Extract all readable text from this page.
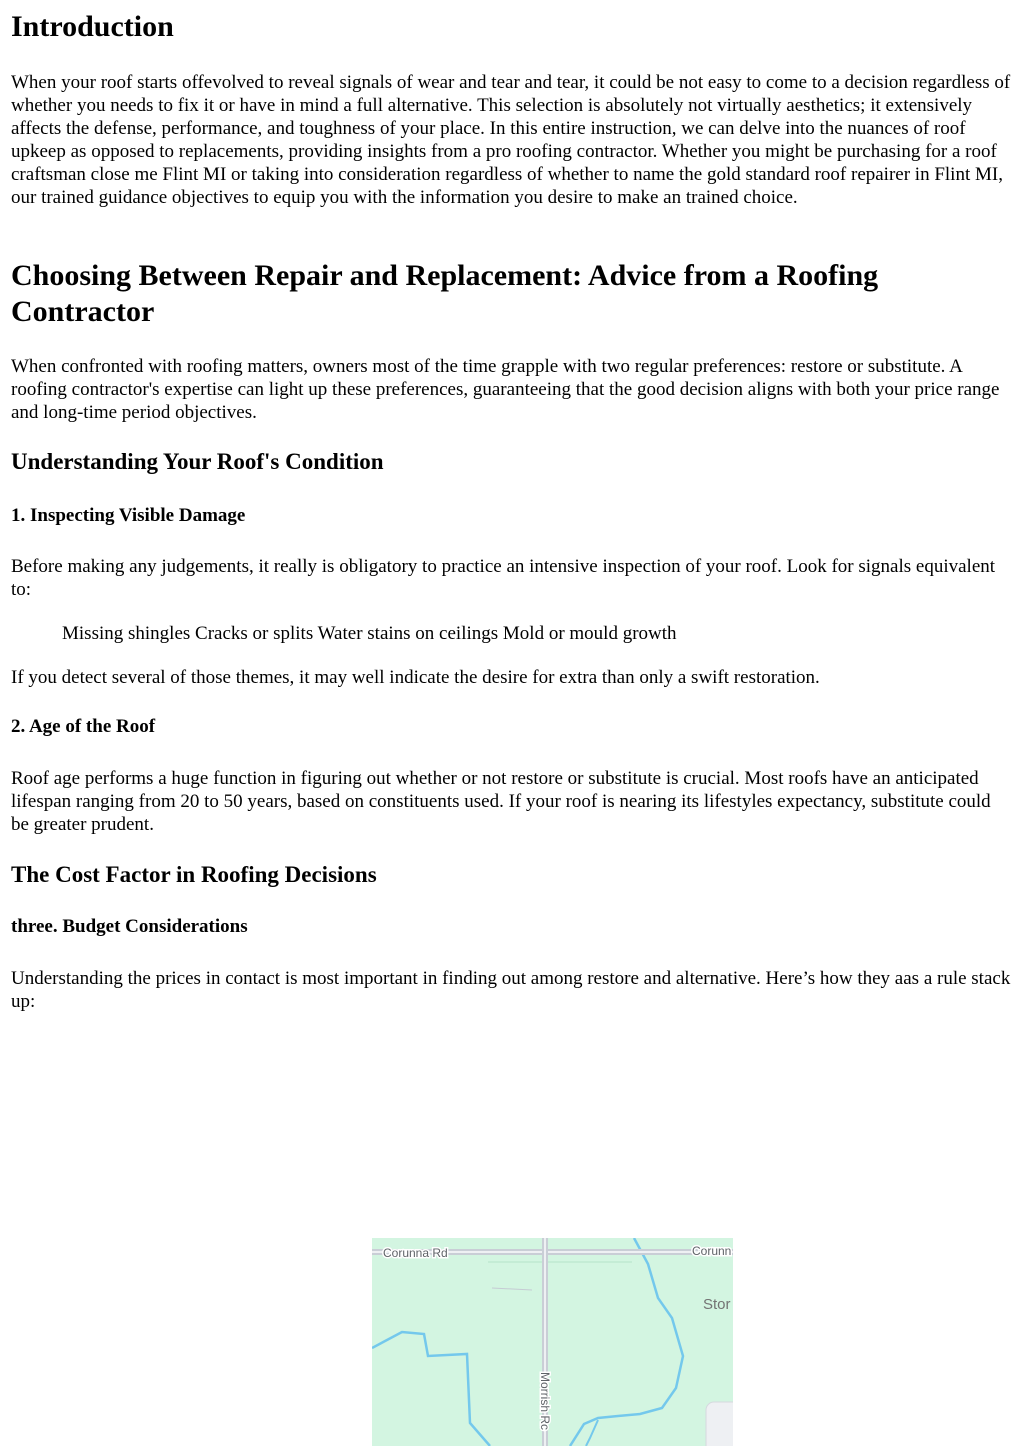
Introduction

When your roof starts offevolved to reveal signals of wear and tear and tear, it could be not easy to come to a decision regardless of whether you needs to fix it or have in mind a full alternative. This selection is absolutely not virtually aesthetics; it extensively affects the defense, performance, and toughness of your place. In this entire instruction, we can delve into the nuances of roof upkeep as opposed to replacements, providing insights from a pro roofing contractor. Whether you might be purchasing for a roof craftsman close me Flint MI or taking into consideration regardless of whether to name the gold standard roof repairer in Flint MI, our trained guidance objectives to equip you with the information you desire to make an trained choice.

Choosing Between Repair and Replacement: Advice from a Roofing Contractor

When confronted with roofing matters, owners most of the time grapple with two regular preferences: restore or substitute. A roofing contractor's expertise can light up these preferences, guaranteeing that the good decision aligns with both your price range and long-time period objectives.

Understanding Your Roof's Condition
1. Inspecting Visible Damage

Before making any judgements, it really is obligatory to practice an intensive inspection of your roof. Look for signals equivalent to:

Missing shingles Cracks or splits Water stains on ceilings Mold or mould growth

If you detect several of those themes, it may well indicate the desire for extra than only a swift restoration.

2. Age of the Roof

Roof age performs a huge function in figuring out whether or not restore or substitute is crucial. Most roofs have an anticipated lifespan ranging from 20 to 50 years, based on constituents used. If your roof is nearing its lifestyles expectancy, substitute could be greater prudent.

The Cost Factor in Roofing Decisions
three. Budget Considerations

Understanding the prices in contact is most important in finding out among restore and alternative. Here’s how they aas a rule stack up:

Corunna Rd	Corunn
Stor
Morrish Rc
